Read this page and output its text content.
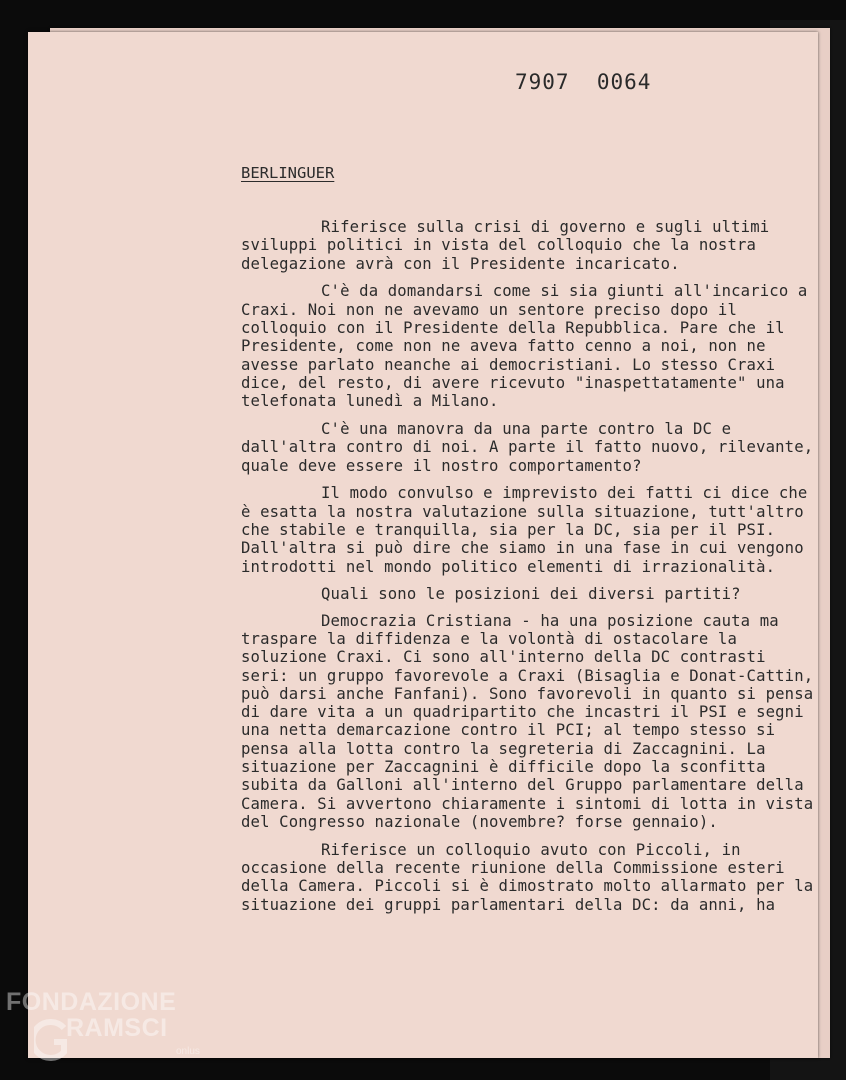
7907  0064
BERLINGUER

Riferisce sulla crisi di governo e sugli ultimi sviluppi politici in vista del colloquio che la nostra delegazione avrà con il Presidente incaricato.

C'è da domandarsi come si sia giunti all'incarico a Craxi. Noi non ne avevamo un sentore preciso dopo il colloquio con il Presidente della Repubblica. Pare che il Presidente, come non ne aveva fatto cenno a noi, non ne avesse parlato neanche ai democristiani. Lo stesso Craxi dice, del resto, di avere ricevuto "inaspettatamente" una telefonata lunedì a Milano.

C'è una manovra da una parte contro la DC e dall'altra contro di noi. A parte il fatto nuovo, rilevante, quale deve essere il nostro comportamento?

Il modo convulso e imprevisto dei fatti ci dice che è esatta la nostra valutazione sulla situazione, tutt'altro che stabile e tranquilla, sia per la DC, sia per il PSI. Dall'altra si può dire che siamo in una fase in cui vengono introdotti nel mondo politico elementi di irrazionalità.

Quali sono le posizioni dei diversi partiti?

Democrazia Cristiana - ha una posizione cauta ma traspare la diffidenza e la volontà di ostacolare la soluzione Craxi. Ci sono all'interno della DC contrasti seri: un gruppo favorevole a Craxi (Bisaglia e Donat-Cattin, può darsi anche Fanfani). Sono favorevoli in quanto si pensa di dare vita a un quadripartito che incastri il PSI e segni una netta demarcazione contro il PCI; al tempo stesso si pensa alla lotta contro la segreteria di Zaccagnini. La situazione per Zaccagnini è difficile dopo la sconfitta subita da Galloni all'interno del Gruppo parlamentare della Camera. Si avvertono chiaramente i sintomi di lotta in vista del Congresso nazionale (novembre? forse gennaio).

Riferisce un colloquio avuto con Piccoli, in occasione della recente riunione della Commissione esteri della Camera. Piccoli si è dimostrato molto allarmato per la situazione dei gruppi parlamentari della DC: da anni, ha

FONDAZIONE
RAMSCI
onlus
